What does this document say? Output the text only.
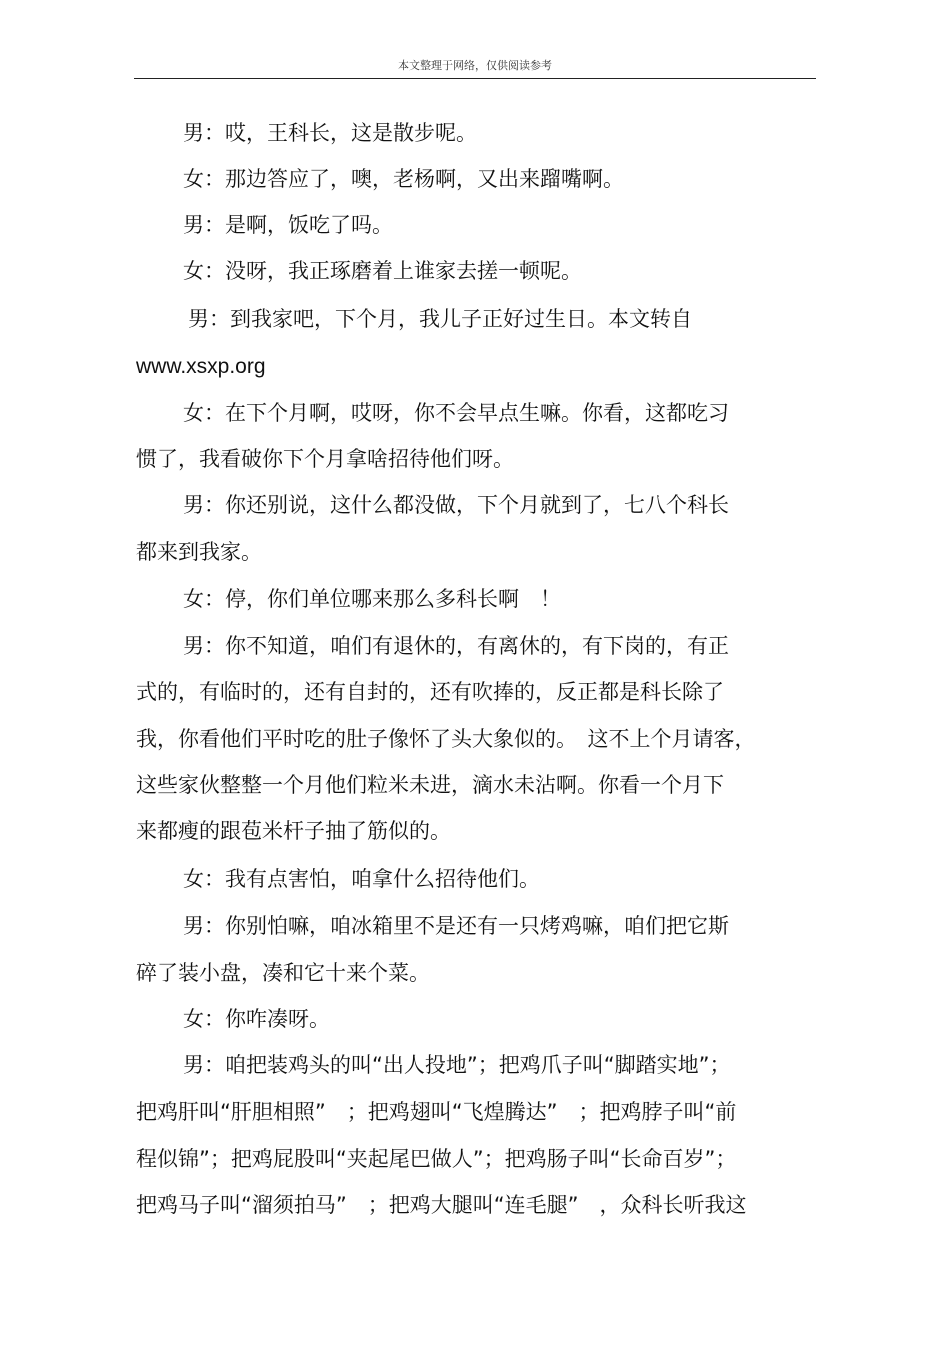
本文整理于网络，仅供阅读参考
男：哎，王科长，这是散步呢。
女：那边答应了，噢，老杨啊，又出来蹓嘴啊。
男：是啊，饭吃了吗。
女：没呀，我正琢磨着上谁家去搓一顿呢。
男：到我家吧，下个月，我儿子正好过生日。本文转自
www.xsxp.org
女：在下个月啊，哎呀，你不会早点生嘛。你看，这都吃习
惯了，我看破你下个月拿啥招待他们呀。
男：你还别说，这什么都没做，下个月就到了，七八个科长
都来到我家。
女：停，你们单位哪来那么多科长啊　！
男：你不知道，咱们有退休的，有离休的，有下岗的，有正
式的，有临时的，还有自封的，还有吹捧的，反正都是科长除了
我，你看他们平时吃的肚子像怀了头大象似的。　这不上个月请客，
这些家伙整整一个月他们粒米未进，滴水未沾啊。你看一个月下
来都瘦的跟苞米杆子抽了筋似的。
女：我有点害怕，咱拿什么招待他们。
男：你别怕嘛，咱冰箱里不是还有一只烤鸡嘛，咱们把它斯
碎了装小盘，凑和它十来个菜。
女：你咋凑呀。
男：咱把装鸡头的叫“出人投地”；把鸡爪子叫“脚踏实地”；
把鸡肝叫“肝胆相照”　；把鸡翅叫“飞煌腾达”　；把鸡脖子叫“前
程似锦”；把鸡屁股叫“夹起尾巴做人”；把鸡肠子叫“长命百岁”；
把鸡马子叫“溜须拍马”　；把鸡大腿叫“连毛腿”　，众科长听我这
